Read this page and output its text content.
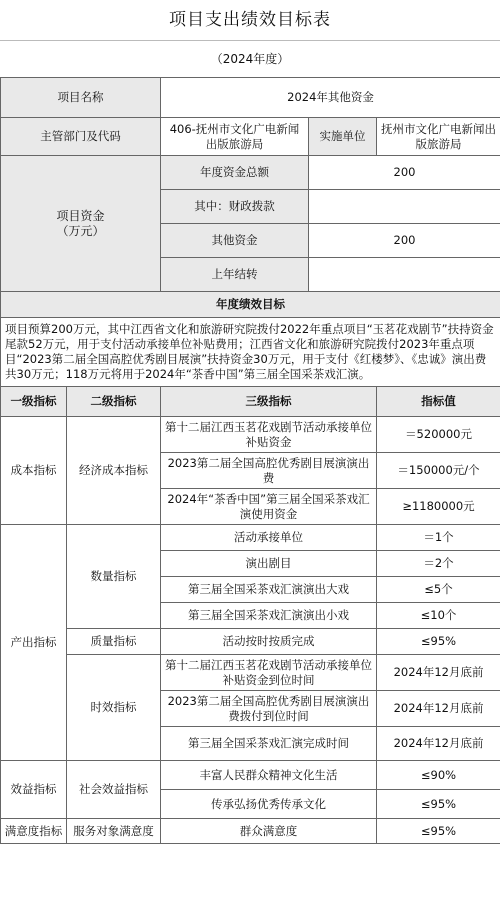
项目支出绩效目标表
（2024年度）
项目名称		2024年其他资金		
主管部门及代码		406-抚州市文化广电新闻出版旅游局	实施单位	抚州市文化广电新闻出版旅游局
项目资金
（万元）		年度资金总额	200	
		其中：财政拨款		
		其他资金	200	
		上年结转		
年度绩效目标				
项目预算200万元，其中江西省文化和旅游研究院拨付2022年重点项目“玉茗花戏剧节”扶持资金尾款52万元，用于支付活动承接单位补贴费用；江西省文化和旅游研究院拨付2023年重点项目“2023第二届全国高腔优秀剧目展演”扶持资金30万元，用于支付《红楼梦》、《忠诚》演出费共30万元；118万元将用于2024年“茶香中国”第三届全国采茶戏汇演。				
一级指标	二级指标	三级指标		指标值
成本指标	经济成本指标	第十二届江西玉茗花戏剧节活动承接单位补贴资金		＝520000元
		2023第二届全国高腔优秀剧目展演演出费		＝150000元/个
		2024年“茶香中国”第三届全国采茶戏汇演使用资金		≥1180000元
产出指标	数量指标	活动承接单位		＝1个
		演出剧目		＝2个
		第三届全国采茶戏汇演演出大戏		≤5个
		第三届全国采茶戏汇演演出小戏		≤10个
	质量指标	活动按时按质完成		≤95%
	时效指标	第十二届江西玉茗花戏剧节活动承接单位补贴资金到位时间		2024年12月底前
		2023第二届全国高腔优秀剧目展演演出费拨付到位时间		2024年12月底前
		第三届全国采茶戏汇演完成时间		2024年12月底前
效益指标	社会效益指标	丰富人民群众精神文化生活		≤90%
		传承弘扬优秀传承文化		≤95%
满意度指标	服务对象满意度	群众满意度		≤95%
